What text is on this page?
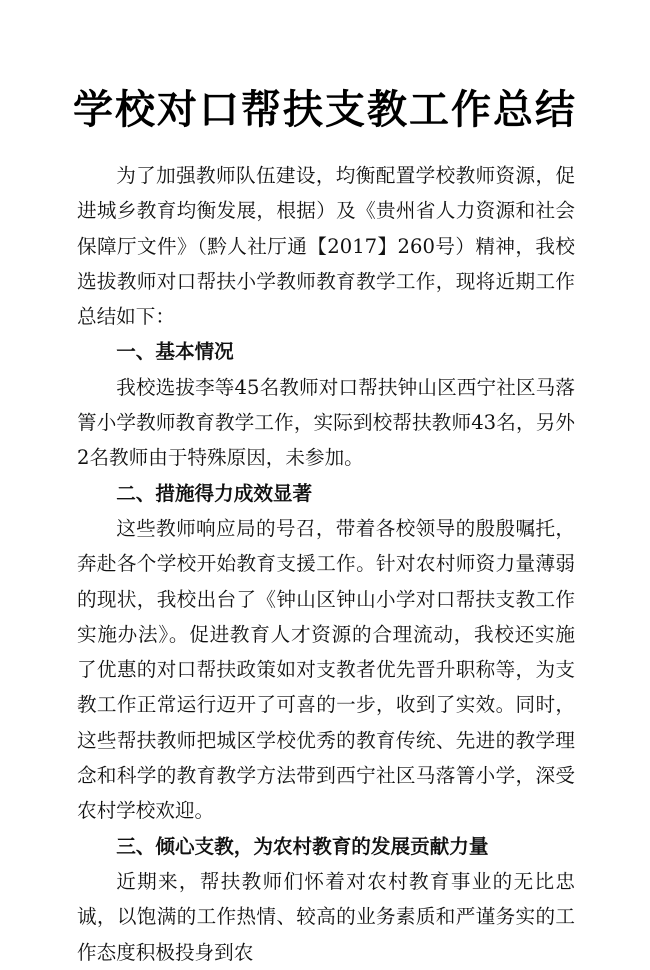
学校对口帮扶支教工作总结

为了加强教师队伍建设，均衡配置学校教师资源，促进城乡教育均衡发展，根据）及《贵州省人力资源和社会保障厅文件》（黔人社厅通【2017】260号）精神，我校选拔教师对口帮扶小学教师教育教学工作，现将近期工作总结如下：

一、基本情况

我校选拔李等45名教师对口帮扶钟山区西宁社区马落箐小学教师教育教学工作，实际到校帮扶教师43名，另外2名教师由于特殊原因，未参加。

二、措施得力成效显著

这些教师响应局的号召，带着各校领导的殷殷嘱托，奔赴各个学校开始教育支援工作。针对农村师资力量薄弱的现状，我校出台了《钟山区钟山小学对口帮扶支教工作实施办法》。促进教育人才资源的合理流动，我校还实施了优惠的对口帮扶政策如对支教者优先晋升职称等，为支教工作正常运行迈开了可喜的一步，收到了实效。同时，这些帮扶教师把城区学校优秀的教育传统、先进的教学理念和科学的教育教学方法带到西宁社区马落箐小学，深受农村学校欢迎。

三、倾心支教，为农村教育的发展贡献力量

近期来，帮扶教师们怀着对农村教育事业的无比忠诚，以饱满的工作热情、较高的业务素质和严谨务实的工作态度积极投身到农
